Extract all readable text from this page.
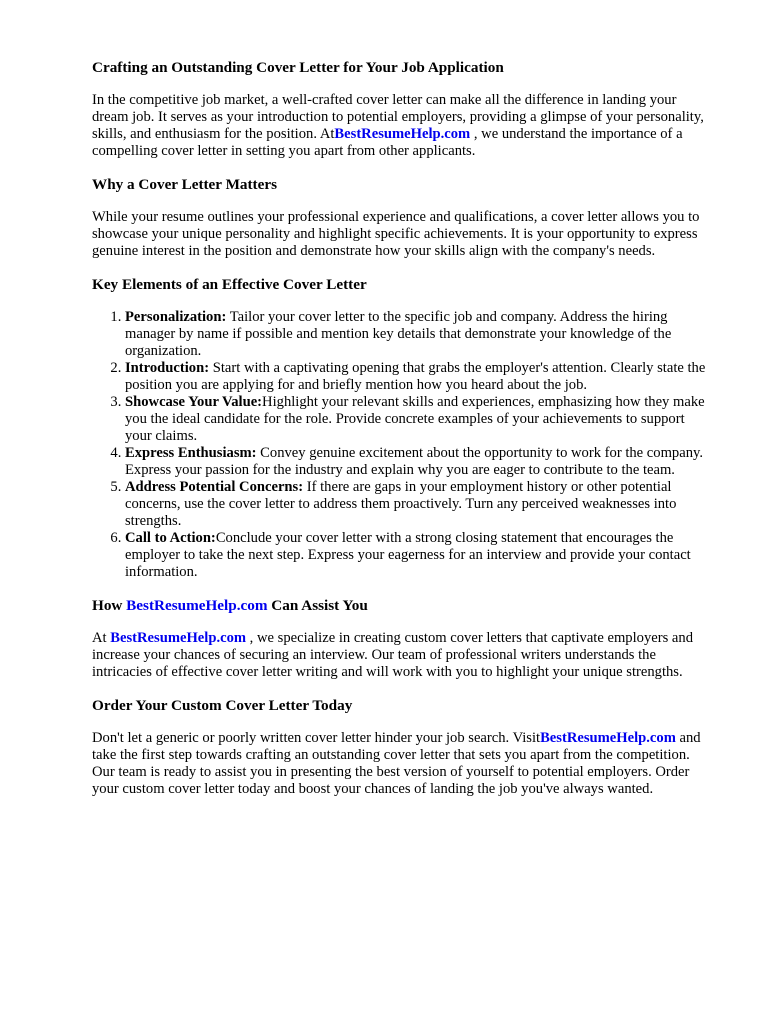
Crafting an Outstanding Cover Letter for Your Job Application

In the competitive job market, a well-crafted cover letter can make all the difference in landing your dream job. It serves as your introduction to potential employers, providing a glimpse of your personality, skills, and enthusiasm for the position. AtBestResumeHelp.com , we understand the importance of a compelling cover letter in setting you apart from other applicants.

Why a Cover Letter Matters

While your resume outlines your professional experience and qualifications, a cover letter allows you to showcase your unique personality and highlight specific achievements. It is your opportunity to express genuine interest in the position and demonstrate how your skills align with the company's needs.

Key Elements of an Effective Cover Letter
1. Personalization: Tailor your cover letter to the specific job and company. Address the hiring manager by name if possible and mention key details that demonstrate your knowledge of the organization.
2. Introduction: Start with a captivating opening that grabs the employer's attention. Clearly state the position you are applying for and briefly mention how you heard about the job.
3. Showcase Your Value:Highlight your relevant skills and experiences, emphasizing how they make you the ideal candidate for the role. Provide concrete examples of your achievements to support your claims.
4. Express Enthusiasm: Convey genuine excitement about the opportunity to work for the company. Express your passion for the industry and explain why you are eager to contribute to the team.
5. Address Potential Concerns: If there are gaps in your employment history or other potential concerns, use the cover letter to address them proactively. Turn any perceived weaknesses into strengths.
6. Call to Action:Conclude your cover letter with a strong closing statement that encourages the employer to take the next step. Express your eagerness for an interview and provide your contact information.
How BestResumeHelp.com Can Assist You

At BestResumeHelp.com , we specialize in creating custom cover letters that captivate employers and increase your chances of securing an interview. Our team of professional writers understands the intricacies of effective cover letter writing and will work with you to highlight your unique strengths.

Order Your Custom Cover Letter Today

Don't let a generic or poorly written cover letter hinder your job search. VisitBestResumeHelp.com and take the first step towards crafting an outstanding cover letter that sets you apart from the competition. Our team is ready to assist you in presenting the best version of yourself to potential employers. Order your custom cover letter today and boost your chances of landing the job you've always wanted.
